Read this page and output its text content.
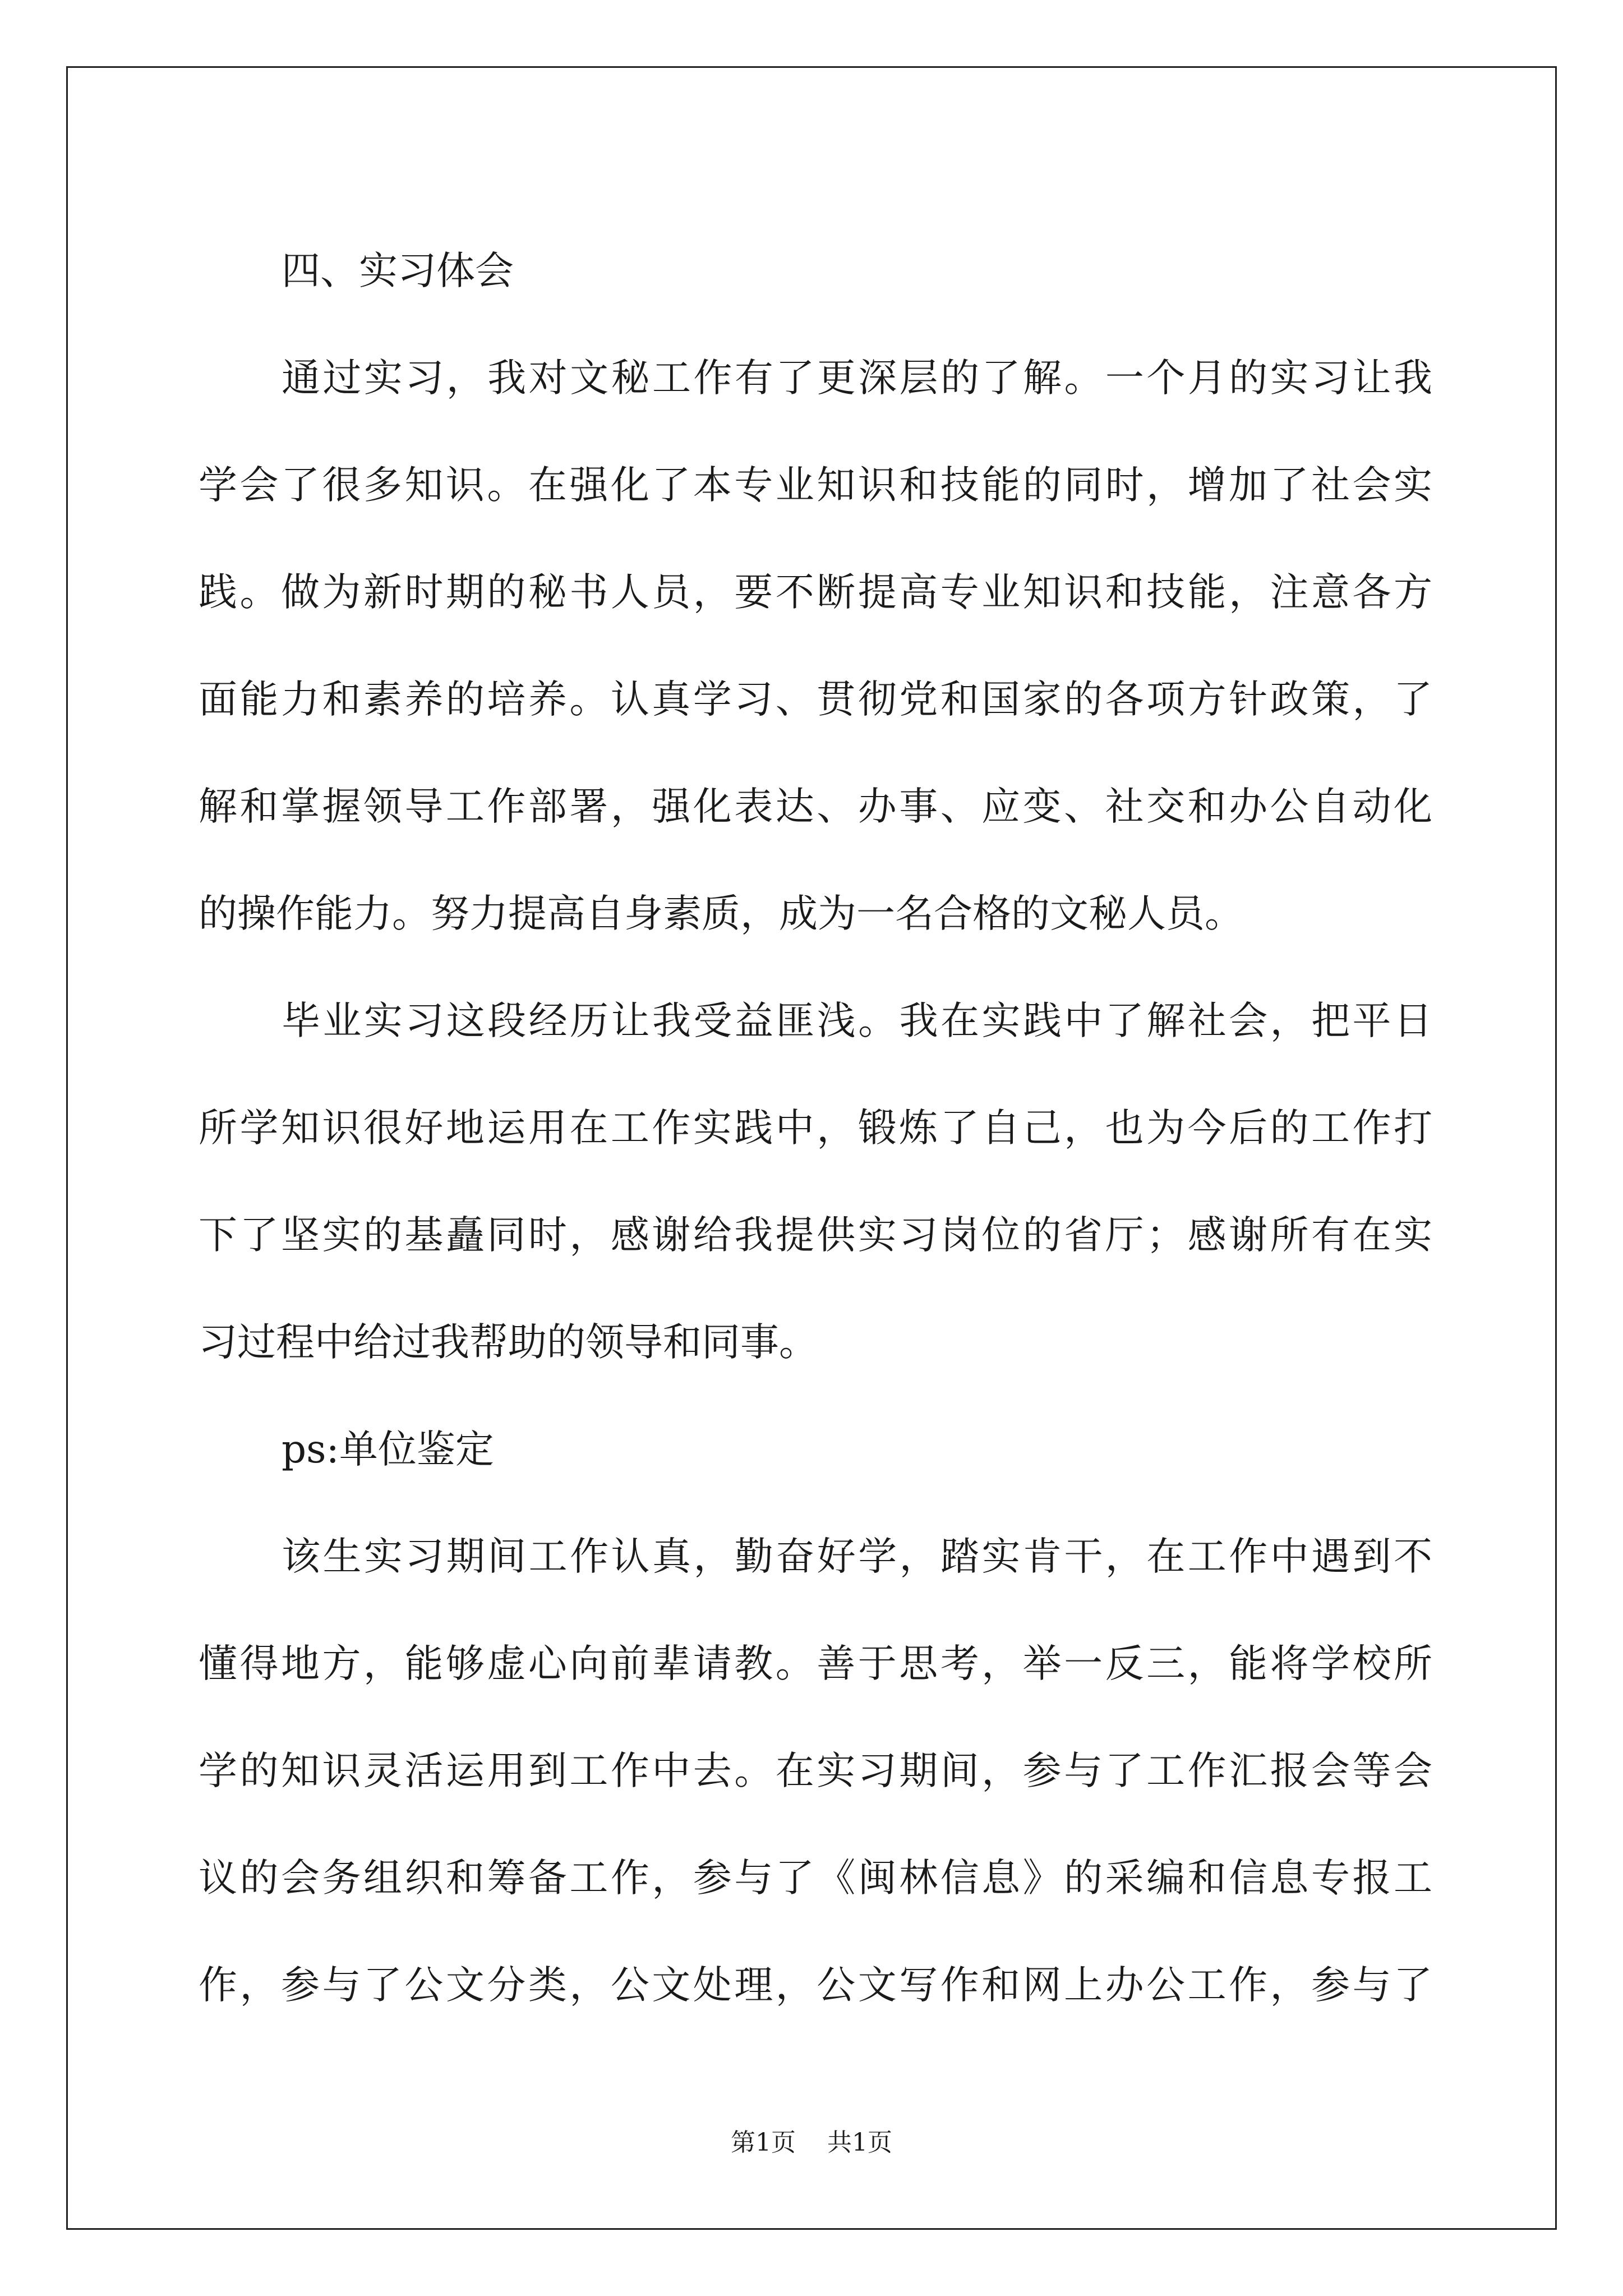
四、实习体会

通过实习，我对文秘工作有了更深层的了解。一个月的实习让我
学会了很多知识。在强化了本专业知识和技能的同时，增加了社会实
践。做为新时期的秘书人员，要不断提高专业知识和技能，注意各方
面能力和素养的培养。认真学习、贯彻党和国家的各项方针政策，了
解和掌握领导工作部署，强化表达、办事、应变、社交和办公自动化
的操作能力。努力提高自身素质，成为一名合格的文秘人员。
毕业实习这段经历让我受益匪浅。我在实践中了解社会，把平日
所学知识很好地运用在工作实践中，锻炼了自己，也为今后的工作打
下了坚实的基矗同时，感谢给我提供实习岗位的省厅；感谢所有在实
习过程中给过我帮助的领导和同事。

ps:单位鉴定

该生实习期间工作认真，勤奋好学，踏实肯干，在工作中遇到不
懂得地方，能够虚心向前辈请教。善于思考，举一反三，能将学校所
学的知识灵活运用到工作中去。在实习期间，参与了工作汇报会等会
议的会务组织和筹备工作，参与了《闽林信息》的采编和信息专报工
作，参与了公文分类，公文处理，公文写作和网上办公工作，参与了
第1页 共1页
